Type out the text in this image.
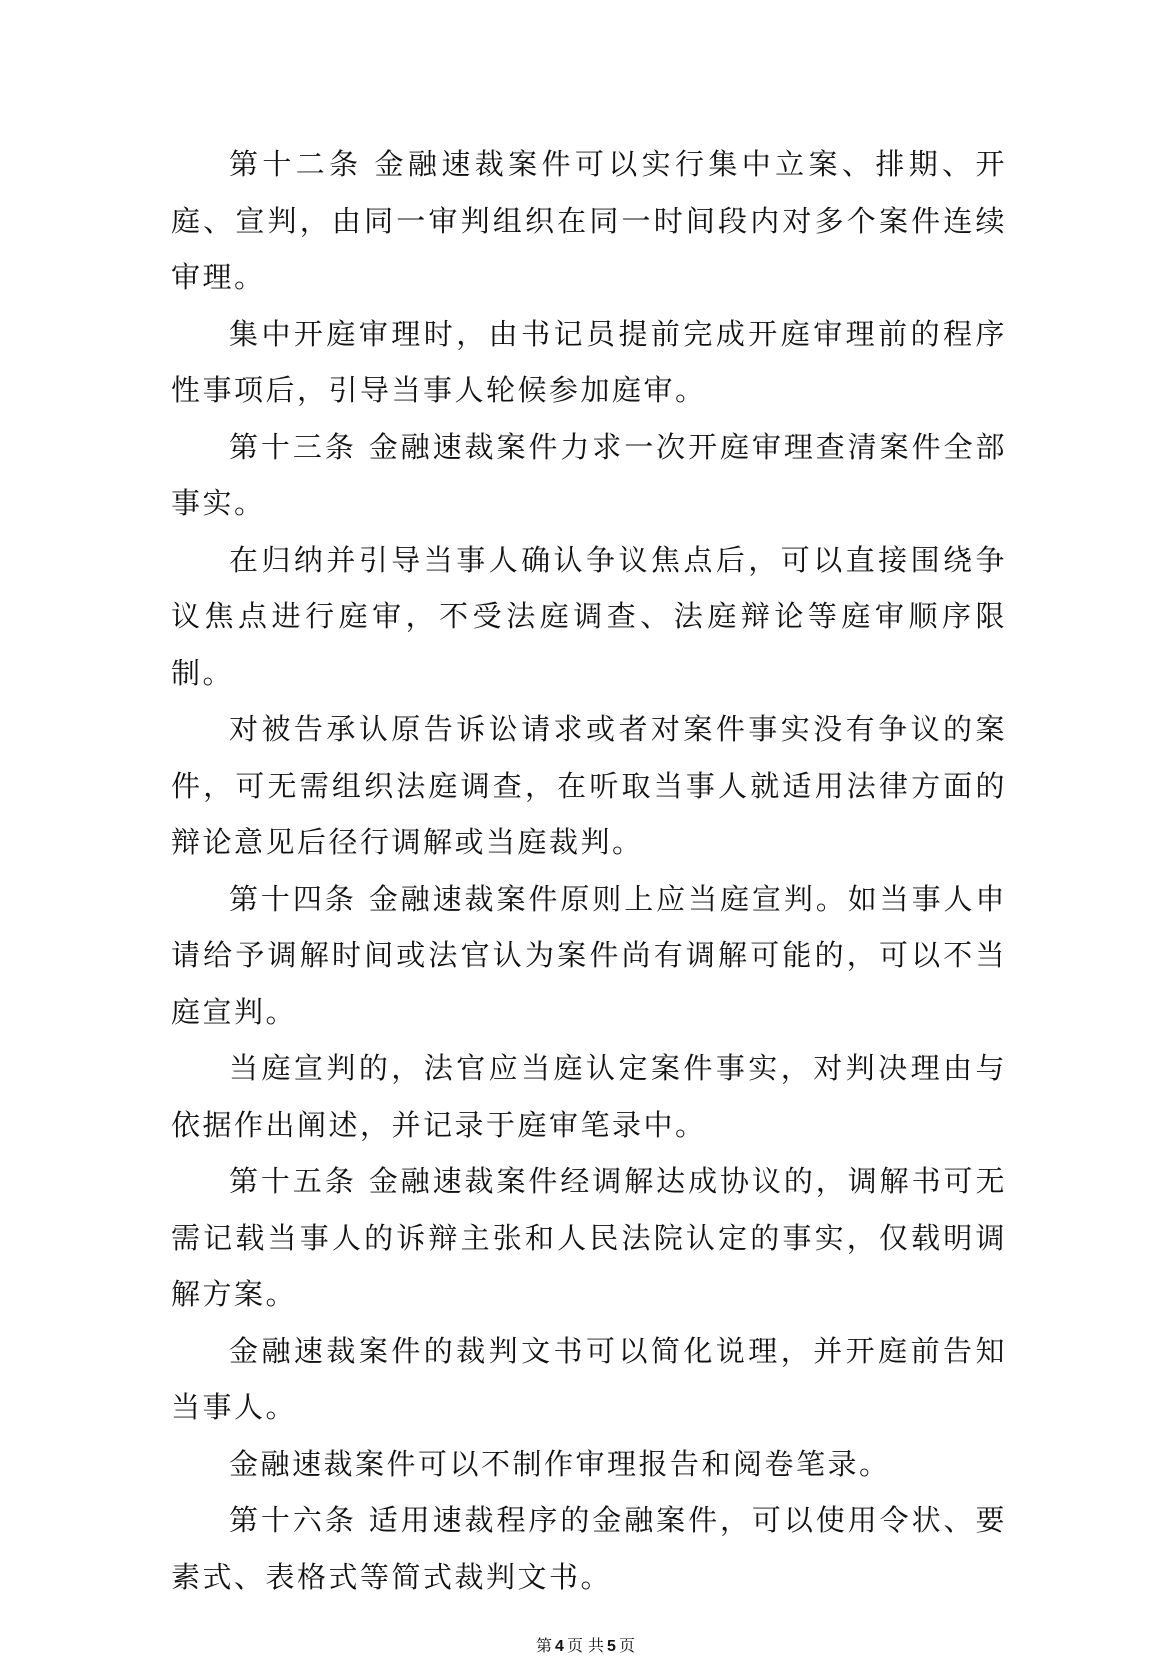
第十二条 金融速裁案件可以实行集中立案、排期、开庭、宣判，由同一审判组织在同一时间段内对多个案件连续审理。

集中开庭审理时，由书记员提前完成开庭审理前的程序性事项后，引导当事人轮候参加庭审。

第十三条 金融速裁案件力求一次开庭审理查清案件全部事实。

在归纳并引导当事人确认争议焦点后，可以直接围绕争议焦点进行庭审，不受法庭调查、法庭辩论等庭审顺序限制。

对被告承认原告诉讼请求或者对案件事实没有争议的案件，可无需组织法庭调查，在听取当事人就适用法律方面的辩论意见后径行调解或当庭裁判。

第十四条 金融速裁案件原则上应当庭宣判。如当事人申请给予调解时间或法官认为案件尚有调解可能的，可以不当庭宣判。

当庭宣判的，法官应当庭认定案件事实，对判决理由与依据作出阐述，并记录于庭审笔录中。

第十五条 金融速裁案件经调解达成协议的，调解书可无需记载当事人的诉辩主张和人民法院认定的事实，仅载明调解方案。

金融速裁案件的裁判文书可以简化说理，并开庭前告知当事人。

金融速裁案件可以不制作审理报告和阅卷笔录。

第十六条 适用速裁程序的金融案件，可以使用令状、要素式、表格式等简式裁判文书。

第 4 页 共 5 页
